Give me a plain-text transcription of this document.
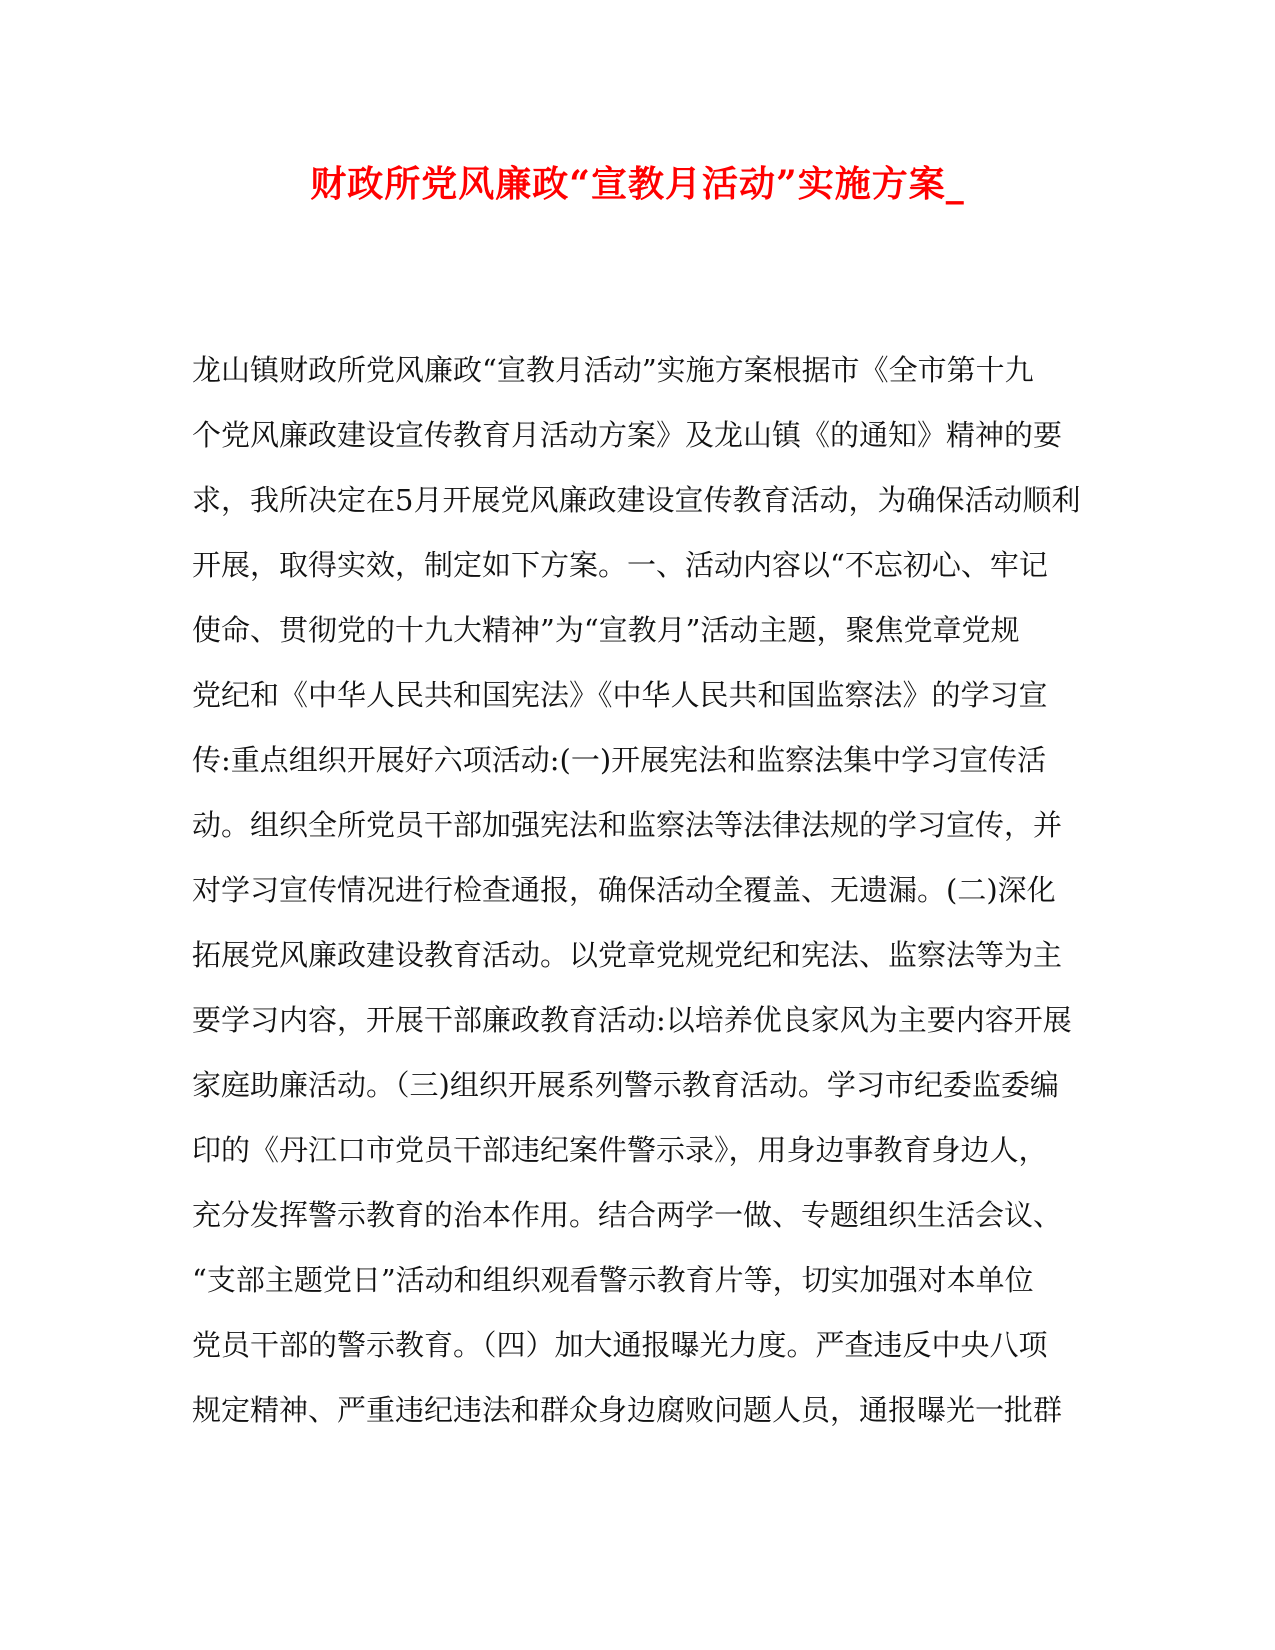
财政所党风廉政“宣教月活动”实施方案_
龙山镇财政所党风廉政“宣教月活动”实施方案根据市《全市第十九
个党风廉政建设宣传教育月活动方案》及龙山镇《的通知》精神的要
求，我所决定在5月开展党风廉政建设宣传教育活动，为确保活动顺利
开展，取得实效，制定如下方案。一、活动内容以“不忘初心、牢记
使命、贯彻党的十九大精神”为“宣教月”活动主题，聚焦党章党规
党纪和《中华人民共和国宪法》《中华人民共和国监察法》的学习宣
传:重点组织开展好六项活动:(一)开展宪法和监察法集中学习宣传活
动。组织全所党员干部加强宪法和监察法等法律法规的学习宣传，并
对学习宣传情况进行检查通报，确保活动全覆盖、无遗漏。(二)深化
拓展党风廉政建设教育活动。以党章党规党纪和宪法、监察法等为主
要学习内容，开展干部廉政教育活动:以培养优良家风为主要内容开展
家庭助廉活动。（三)组织开展系列警示教育活动。学习市纪委监委编
印的《丹江口市党员干部违纪案件警示录》，用身边事教育身边人，
充分发挥警示教育的治本作用。结合两学一做、专题组织生活会议、
“支部主题党日”活动和组织观看警示教育片等，切实加强对本单位
党员干部的警示教育。（四）加大通报曝光力度。严查违反中央八项
规定精神、严重违纪违法和群众身边腐败问题人员，通报曝光一批群
